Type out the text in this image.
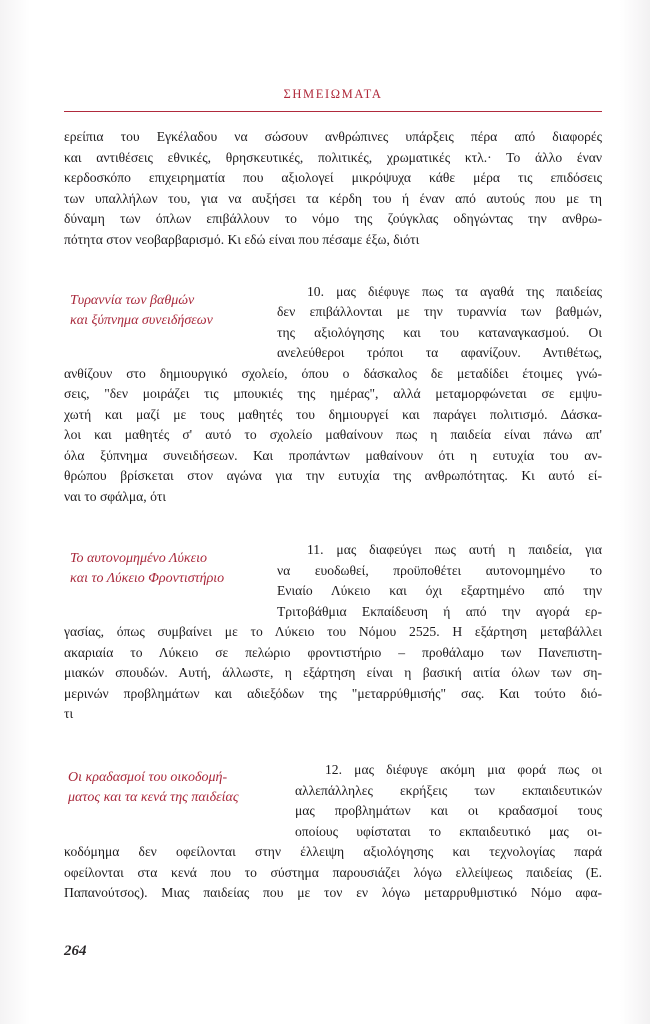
ΣΗΜΕΙΩΜΑΤΑ
ερείπια του Εγκέλαδου να σώσουν ανθρώπινες υπάρξεις πέρα από διαφορές
και αντιθέσεις εθνικές, θρησκευτικές, πολιτικές, χρωματικές κτλ.· Το άλλο έναν
κερδοσκόπο επιχειρηματία που αξιολογεί μικρόψυχα κάθε μέρα τις επιδόσεις
των υπαλλήλων του, για να αυξήσει τα κέρδη του ή έναν από αυτούς που με τη
δύναμη των όπλων επιβάλλουν το νόμο της ζούγκλας οδηγώντας την ανθρω-
πότητα στον νεοβαρβαρισμό. Κι εδώ είναι που πέσαμε έξω, διότι
Τυραννία των βαθμών
και ξύπνημα συνειδήσεων
10. μας διέφυγε πως τα αγαθά της παιδείας
δεν επιβάλλονται με την τυραννία των βαθμών,
της αξιολόγησης και του καταναγκασμού. Οι
ανελεύθεροι τρόποι τα αφανίζουν. Αντιθέτως,
ανθίζουν στο δημιουργικό σχολείο, όπου ο δάσκαλος δε μεταδίδει έτοιμες γνώ-
σεις, "δεν μοιράζει τις μπουκιές της ημέρας", αλλά μεταμορφώνεται σε εμψυ-
χωτή και μαζί με τους μαθητές του δημιουργεί και παράγει πολιτισμό. Δάσκα-
λοι και μαθητές σ' αυτό το σχολείο μαθαίνουν πως η παιδεία είναι πάνω απ'
όλα ξύπνημα συνειδήσεων. Και προπάντων μαθαίνουν ότι η ευτυχία του αν-
θρώπου βρίσκεται στον αγώνα για την ευτυχία της ανθρωπότητας. Κι αυτό εί-
ναι το σφάλμα, ότι
Το αυτονομημένο Λύκειο
και το Λύκειο Φροντιστήριο
11. μας διαφεύγει πως αυτή η παιδεία, για
να ευοδωθεί, προϋποθέτει αυτονομημένο το
Ενιαίο Λύκειο και όχι εξαρτημένο από την
Τριτοβάθμια Εκπαίδευση ή από την αγορά ερ-
γασίας, όπως συμβαίνει με το Λύκειο του Νόμου 2525. Η εξάρτηση μεταβάλλει
ακαριαία το Λύκειο σε πελώριο φροντιστήριο – προθάλαμο των Πανεπιστη-
μιακών σπουδών. Αυτή, άλλωστε, η εξάρτηση είναι η βασική αιτία όλων των ση-
μερινών προβλημάτων και αδιεξόδων της "μεταρρύθμισής" σας. Και τούτο διό-
τι
Οι κραδασμοί του οικοδομή-
ματος και τα κενά της παιδείας
12. μας διέφυγε ακόμη μια φορά πως οι
αλλεπάλληλες εκρήξεις των εκπαιδευτικών
μας προβλημάτων και οι κραδασμοί τους
οποίους υφίσταται το εκπαιδευτικό μας οι-
κοδόμημα δεν οφείλονται στην έλλειψη αξιολόγησης και τεχνολογίας παρά
οφείλονται στα κενά που το σύστημα παρουσιάζει λόγω ελλείψεως παιδείας (Ε.
Παπανούτσος). Μιας παιδείας που με τον εν λόγω μεταρρυθμιστικό Νόμο αφα-
264
